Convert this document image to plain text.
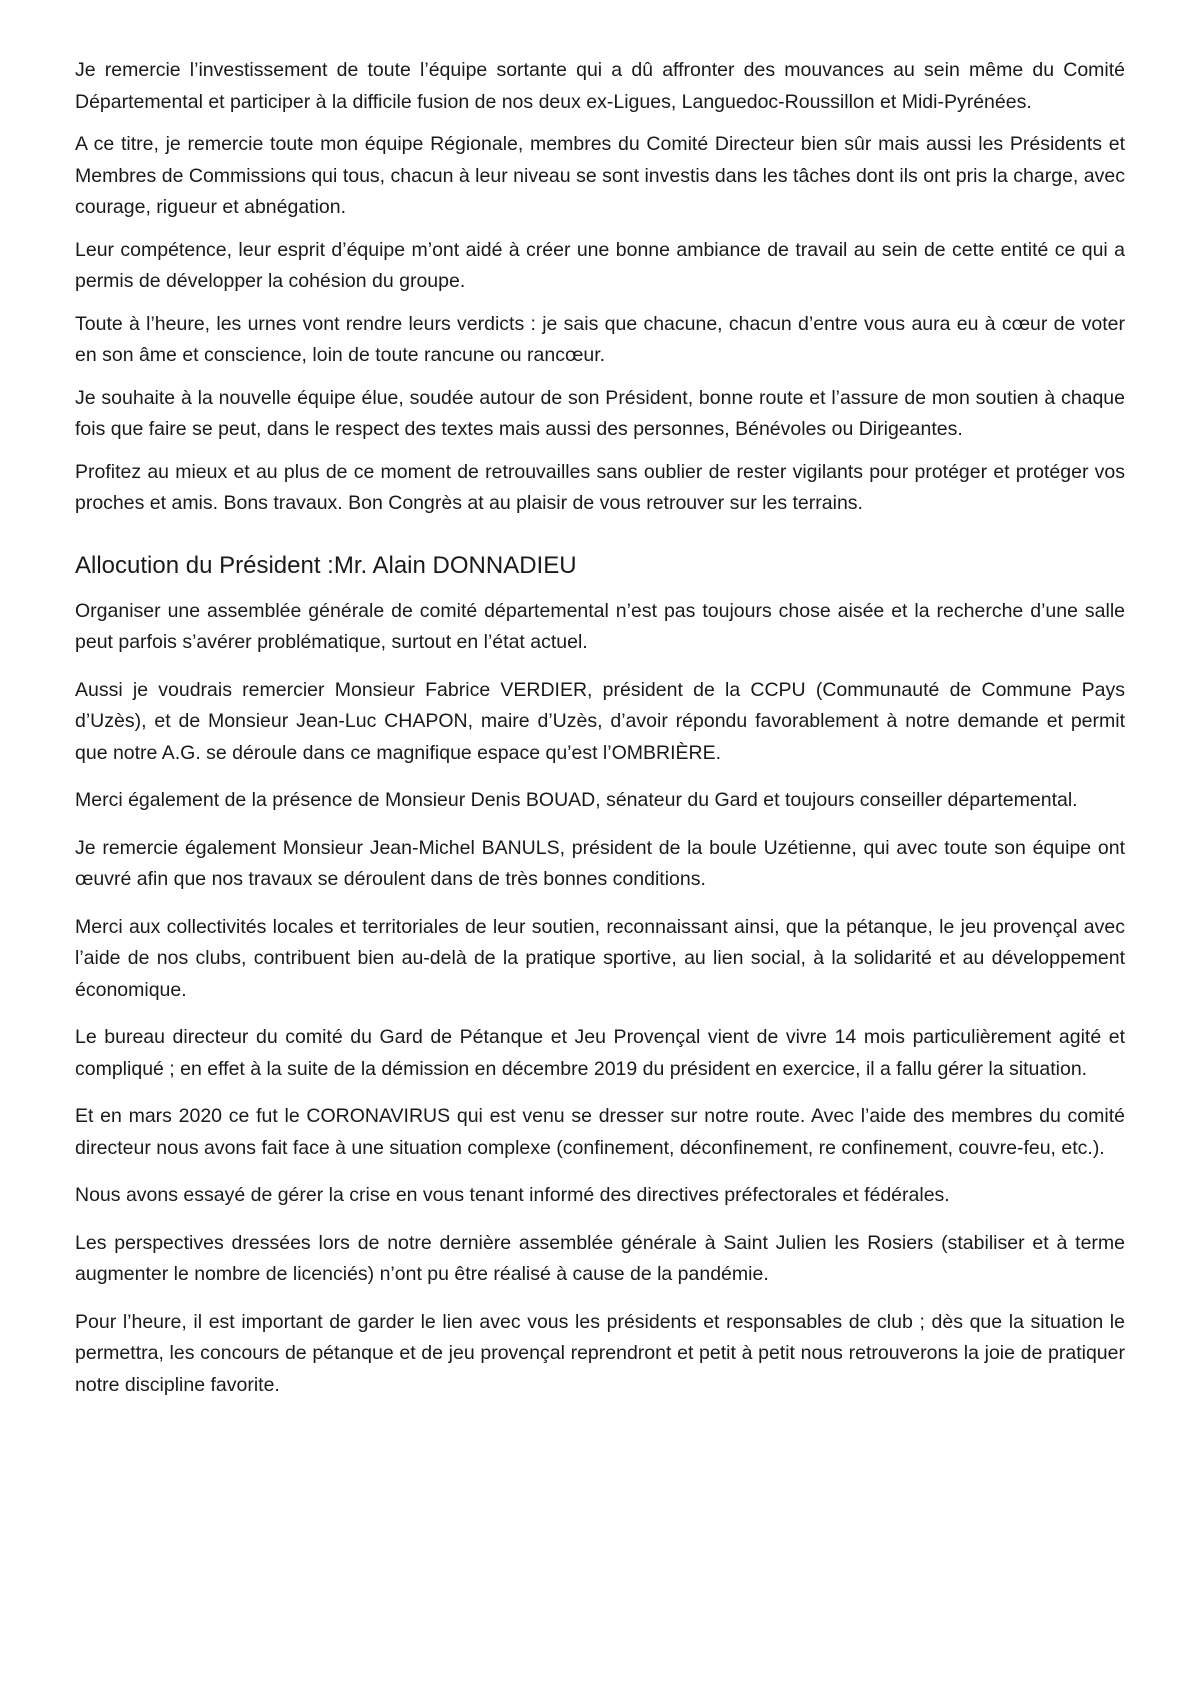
Je remercie l’investissement de toute l’équipe sortante qui a dû affronter des mouvances au sein même du Comité Départemental et participer à la difficile fusion de nos deux ex-Ligues, Languedoc-Roussillon et Midi-Pyrénées.

A ce titre, je remercie toute mon équipe Régionale, membres du Comité Directeur bien sûr mais aussi les Présidents et Membres de Commissions qui tous, chacun à leur niveau se sont investis dans les tâches dont ils ont pris la charge, avec courage, rigueur et abnégation.

Leur compétence, leur esprit d’équipe m’ont aidé à créer une bonne ambiance de travail au sein de cette entité ce qui a permis de développer la cohésion du groupe.

Toute à l’heure, les urnes vont rendre leurs verdicts : je sais que chacune, chacun d’entre vous aura eu à cœur de voter en son âme et conscience, loin de toute rancune ou rancœur.

Je souhaite à la nouvelle équipe élue, soudée autour de son Président, bonne route et l’assure de mon soutien à chaque fois que faire se peut, dans le respect des textes mais aussi des personnes, Bénévoles ou Dirigeantes.

Profitez au mieux et au plus de ce moment de retrouvailles sans oublier de rester vigilants pour protéger et protéger vos proches et amis. Bons travaux. Bon Congrès at au plaisir de vous retrouver sur les terrains.

Allocution du Président :Mr. Alain DONNADIEU

Organiser une assemblée générale de comité départemental n’est pas toujours chose aisée et la recherche d’une salle peut parfois s’avérer problématique, surtout en l’état actuel.

Aussi je voudrais remercier Monsieur Fabrice VERDIER, président de la CCPU (Communauté de Commune Pays d’Uzès), et de Monsieur Jean-Luc CHAPON, maire d’Uzès, d’avoir répondu favorablement à notre demande et permit que notre A.G. se déroule dans ce magnifique espace qu’est l’OMBRIÈRE.

Merci également de la présence de Monsieur Denis BOUAD, sénateur du Gard et toujours conseiller départemental.

Je remercie également Monsieur Jean-Michel BANULS, président de la boule Uzétienne, qui avec toute son équipe ont œuvré afin que nos travaux se déroulent dans de très bonnes conditions.

Merci aux collectivités locales et territoriales de leur soutien, reconnaissant ainsi, que la pétanque, le jeu provençal avec l’aide de nos clubs, contribuent bien au-delà de la pratique sportive, au lien social, à la solidarité et au développement économique.

Le bureau directeur du comité du Gard de Pétanque et Jeu Provençal vient de vivre 14 mois particulièrement agité et compliqué ; en effet à la suite de la démission en décembre 2019 du président en exercice, il a fallu gérer la situation.

Et en mars 2020 ce fut le CORONAVIRUS qui est venu se dresser sur notre route. Avec l’aide des membres du comité directeur nous avons fait face à une situation complexe (confinement, déconfinement, re confinement, couvre-feu, etc.).

Nous avons essayé de gérer la crise en vous tenant informé des directives préfectorales et fédérales.

Les perspectives dressées lors de notre dernière assemblée générale à Saint Julien les Rosiers (stabiliser et à terme augmenter le nombre de licenciés) n’ont pu être réalisé à cause de la pandémie.

Pour l’heure, il est important de garder le lien avec vous les présidents et responsables de club ; dès que la situation le permettra, les concours de pétanque et de jeu provençal reprendront et petit à petit nous retrouverons la joie de pratiquer notre discipline favorite.
